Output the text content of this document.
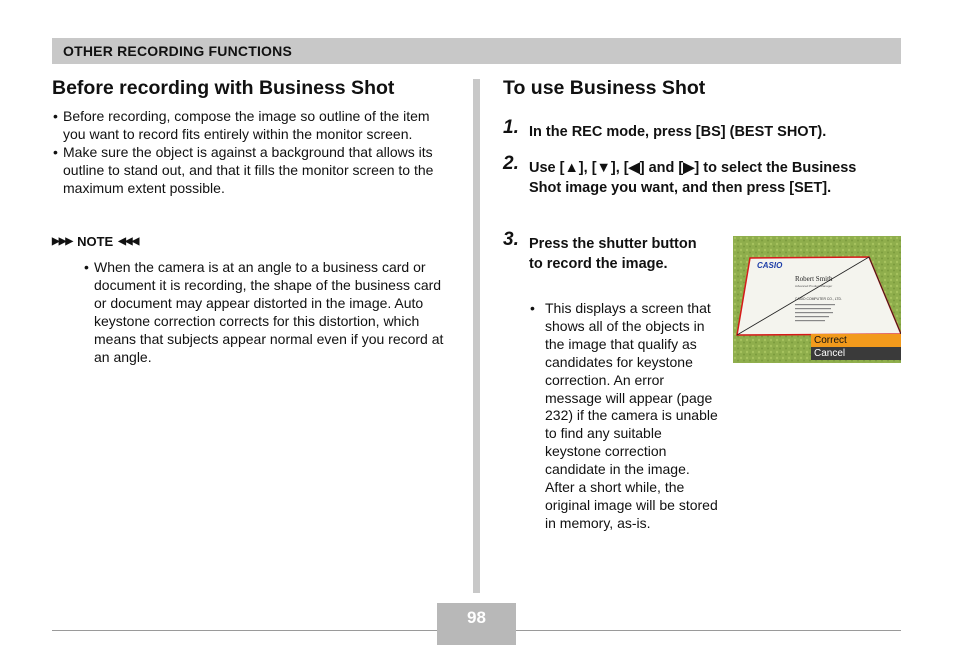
OTHER RECORDING FUNCTIONS
Before recording with Business Shot
• Before recording, compose the image so outline of the item you want to record fits entirely within the monitor screen.
• Make sure the object is against a background that allows its outline to stand out, and that it fills the monitor screen to the maximum extent possible.
▶▶▶ NOTE ◀◀◀
• When the camera is at an angle to a business card or document it is recording, the shape of the business card or document may appear distorted in the image. Auto keystone correction corrects for this distortion, which means that subjects appear normal even if you record at an angle.
To use Business Shot
1. In the REC mode, press [BS] (BEST SHOT).
2. Use [▲], [▼], [◀] and [▶] to select the Business Shot image you want, and then press [SET].
3. Press the shutter button to record the image.
• This displays a screen that shows all of the objects in the image that qualify as candidates for keystone correction. An error message will appear (page 232) if the camera is unable to find any suitable keystone correction candidate in the image. After a short while, the original image will be stored in memory, as-is.
CASIO
Robert Smith
Advanced Product Manager
CASIO COMPUTER CO., LTD.
Correct
Cancel
98
